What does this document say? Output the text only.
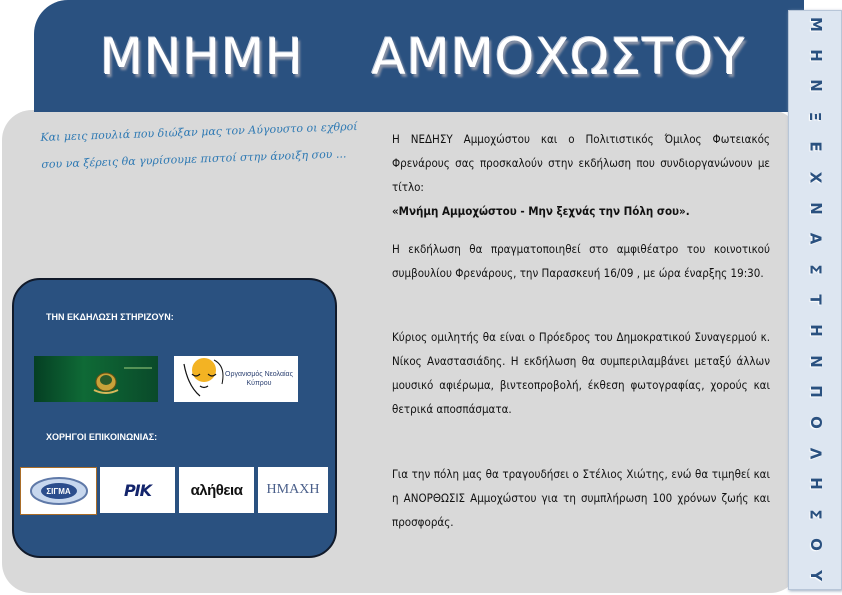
ΜΝΗΜΗ    ΑΜΜΟΧΩΣΤΟΥ
Μ
Η
Ν
Ξ
Ε
Χ
Ν
Α
Σ
Τ
Η
Ν
Π
Ο
Λ
Η
Σ
Ο
Υ
Και μεις πουλιά που διώξαν μας τον Αύγουστο οι εχθροί σου να ξέρεις θα γυρίσουμε πιστοί στην άνοιξη σου ...
ΤΗΝ ΕΚΔΗΛΩΣΗ ΣΤΗΡΙΖΟΥΝ:
Οργανισμός Νεολαίας Κύπρου
ΧΟΡΗΓΟΙ ΕΠΙΚΟΙΝΩΝΙΑΣ:
ΣΙΓΜΑ	ΡΙΚ	αλήθεια ΗΜΑΧΗ
Η ΝΕΔΗΣΥ Αμμοχώστου και ο Πολιτιστικός Όμιλος Φωτειακός Φρενάρους σας προσκαλούν στην εκδήλωση που συνδιοργανώνουν με τίτλο:
«Μνήμη Αμμοχώστου - Μην ξεχνάς την Πόλη σου».
Η εκδήλωση θα πραγματοποιηθεί στο αμφιθέατρο του κοινοτικού συμβουλίου Φρενάρους, την Παρασκευή 16/09 , με ώρα έναρξης 19:30.
Κύριος ομιλητής θα είναι ο Πρόεδρος του Δημοκρατικού Συναγερμού κ. Νίκος Αναστασιάδης. Η εκδήλωση θα συμπεριλαμβάνει μεταξύ άλλων μουσικό αφιέρωμα, βιντεοπροβολή, έκθεση φωτογραφίας, χορούς και θετρικά αποσπάσματα.
Για την πόλη μας θα τραγουδήσει ο Στέλιος Χιώτης, ενώ θα τιμηθεί και η ΑΝΟΡΘΩΣΙΣ Αμμοχώστου για τη συμπλήρωση 100 χρόνων ζωής και προσφοράς.
